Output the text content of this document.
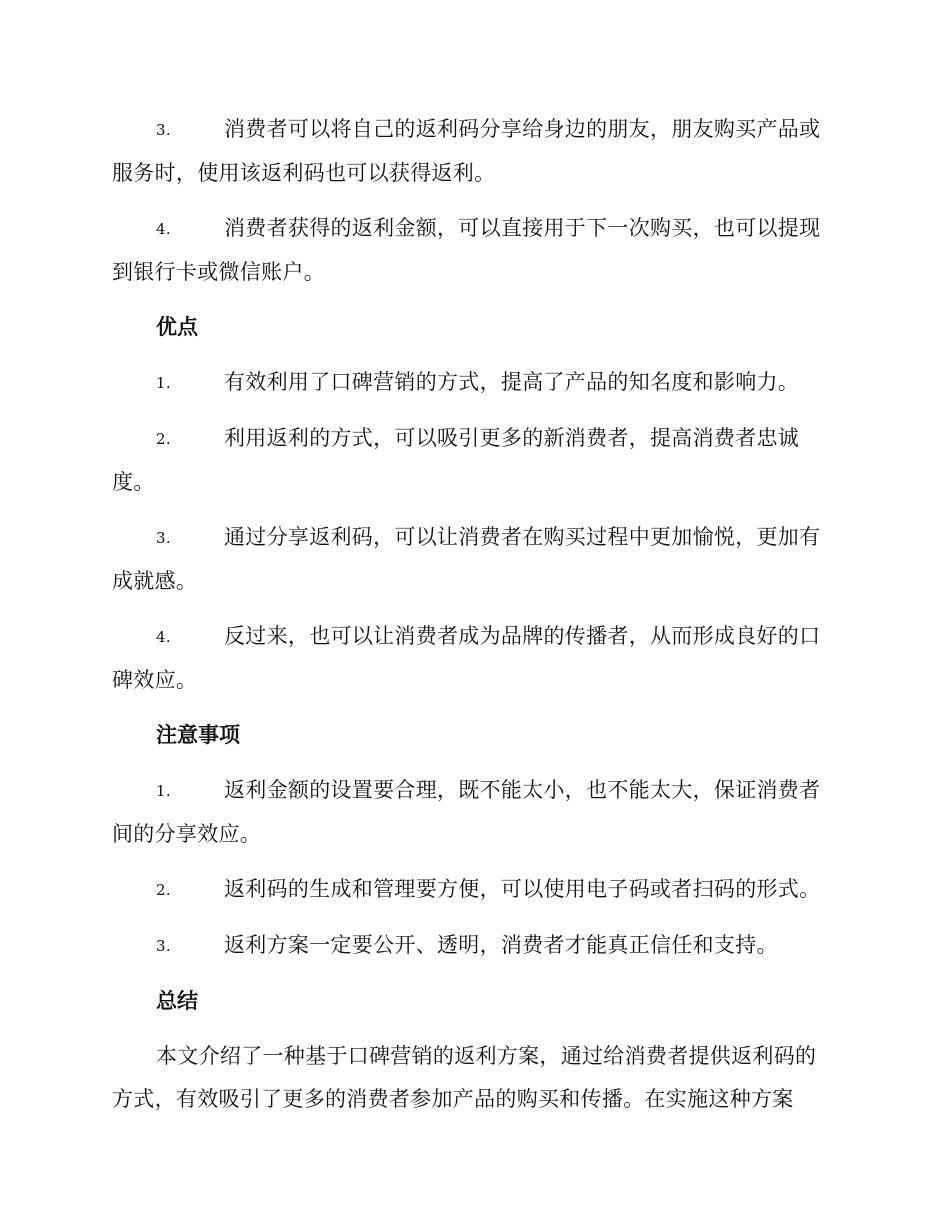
3.	消费者可以将自己的返利码分享给身边的朋友，朋友购买产品或服务时，使用该返利码也可以获得返利。

4.	消费者获得的返利金额，可以直接用于下一次购买，也可以提现到银行卡或微信账户。

优点

1.	有效利用了口碑营销的方式，提高了产品的知名度和影响力。

2.	利用返利的方式，可以吸引更多的新消费者，提高消费者忠诚度。

3.	通过分享返利码，可以让消费者在购买过程中更加愉悦，更加有成就感。

4.	反过来，也可以让消费者成为品牌的传播者，从而形成良好的口碑效应。

注意事项

1.	返利金额的设置要合理，既不能太小，也不能太大，保证消费者间的分享效应。

2.	返利码的生成和管理要方便，可以使用电子码或者扫码的形式。

3.	返利方案一定要公开、透明，消费者才能真正信任和支持。

总结

本文介绍了一种基于口碑营销的返利方案，通过给消费者提供返利码的方式，有效吸引了更多的消费者参加产品的购买和传播。在实施这种方案
